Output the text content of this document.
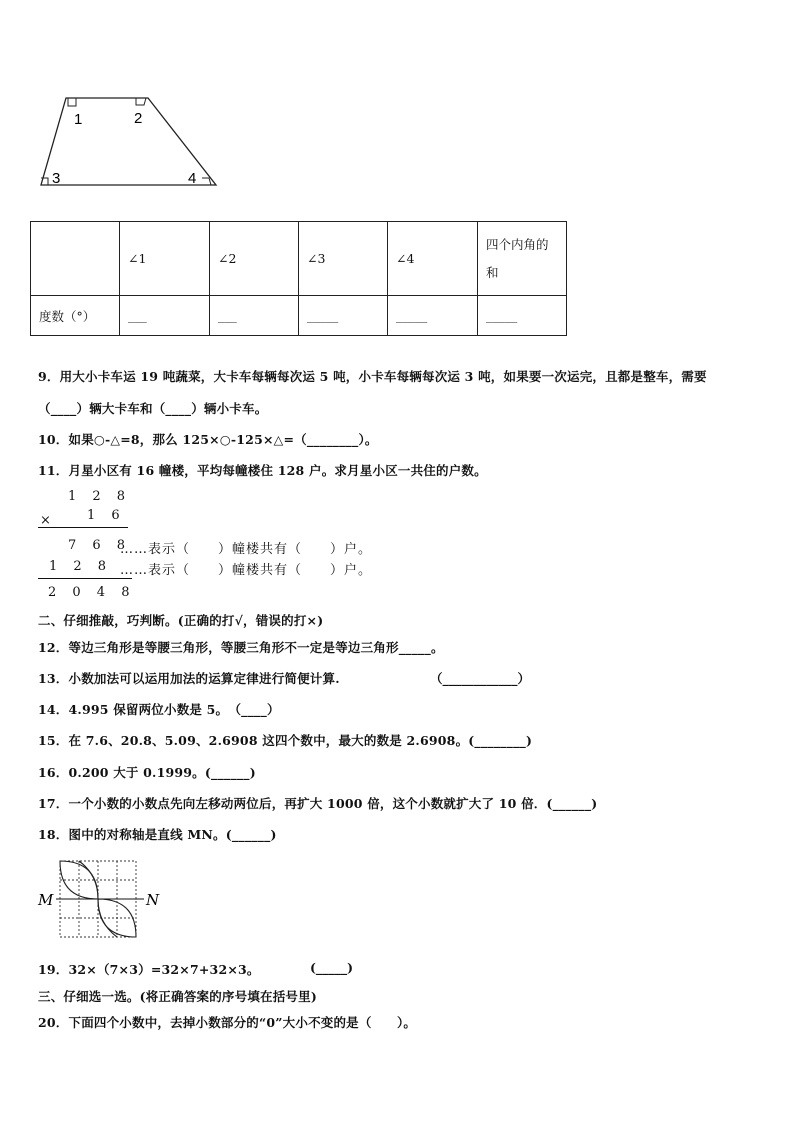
1	2
3	4
	∠1	∠2	∠3	∠4	四个内角的
和
度数（°）	___	___	_____	_____	_____
9．用大小卡车运 19 吨蔬菜，大卡车每辆每次运 5 吨，小卡车每辆每次运 3 吨，如果要一次运完，且都是整车，需要
（____）辆大卡车和（____）辆小卡车。
10．如果○-△=8，那么 125×○-125×△=（________）。
11．月星小区有 16 幢楼，平均每幢楼住 128 户。求月星小区一共住的户数。
1 2 8
×	1 6
7 6 8
……表示（　　）幢楼共有（　　）户。
1 2 8 ……表示（　　）幢楼共有（　　）户。
2 0 4 8
二、仔细推敲，巧判断。(正确的打√，错误的打×)
12．等边三角形是等腰三角形，等腰三角形不一定是等边三角形_____。
13．小数加法可以运用加法的运算定律进行简便计算.	（____________）
14．4.995 保留两位小数是 5。　（____）
15．在 7.6、20.8、5.09、2.6908 这四个数中，最大的数是 2.6908。(________)
16．0.200 大于 0.1999。(______)
17．一个小数的小数点先向左移动两位后，再扩大 1000 倍，这个小数就扩大了 10 倍．(______)
18．图中的对称轴是直线 MN。(______)
M	N
19．32×（7×3）=32×7+32×3。	(_____)
三、仔细选一选。(将正确答案的序号填在括号里)
20．下面四个小数中，去掉小数部分的“0”大小不变的是（　　）。
